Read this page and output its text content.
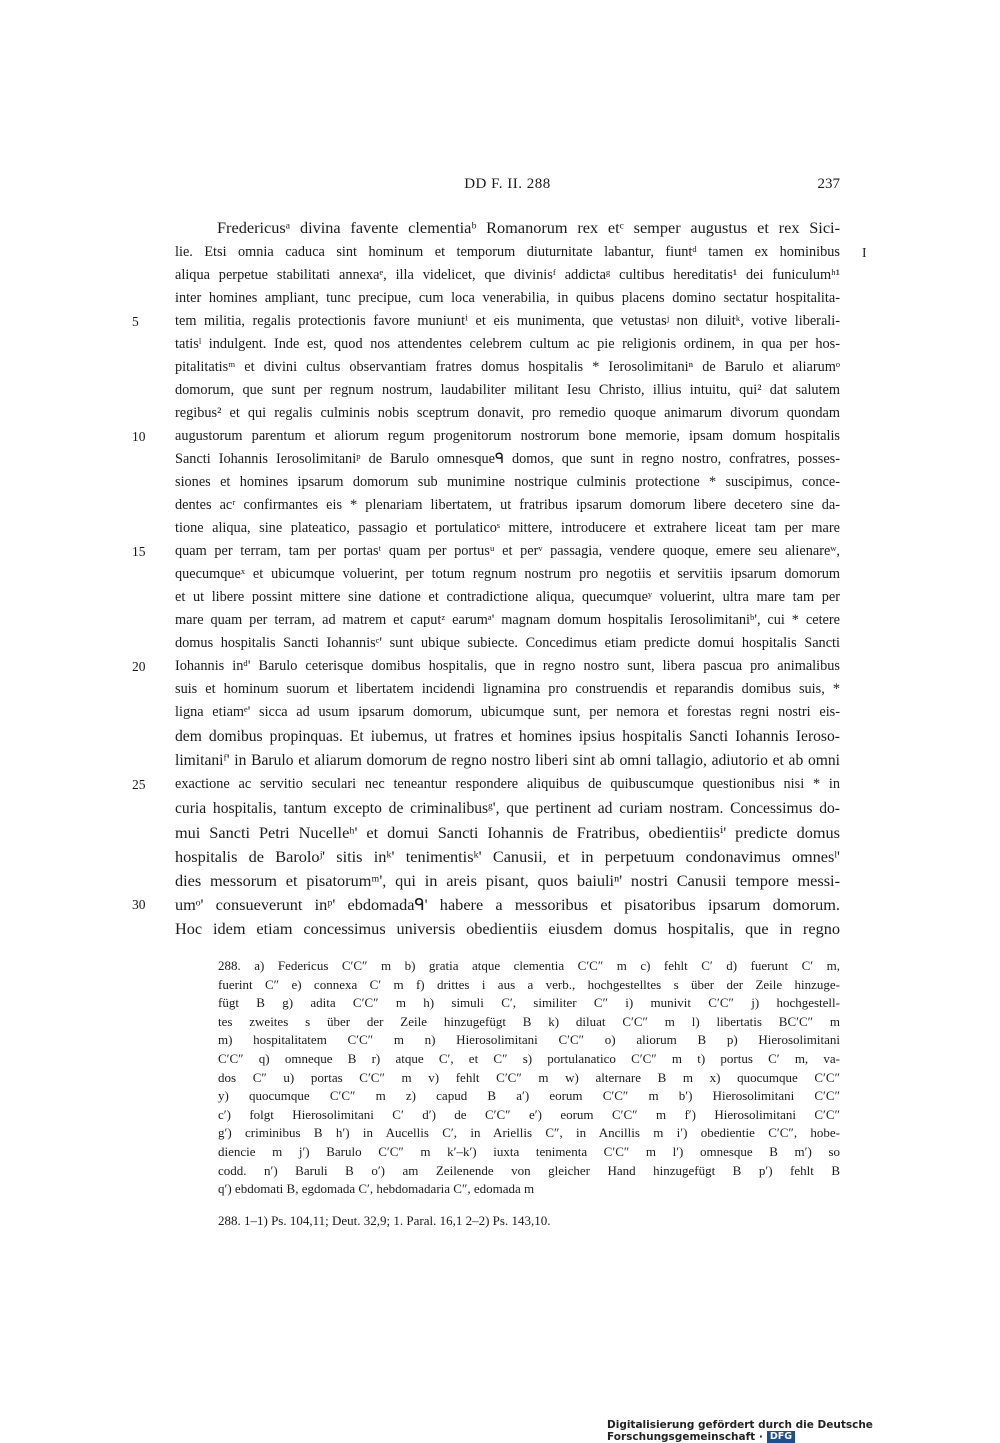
DD F. II. 288	237
Fredericusᵃ divina favente clementiaᵇ Romanorum rex etᶜ semper augustus et rex Sici-
lie. Etsi omnia caduca sint hominum et temporum diuturnitate labantur, fiuntᵈ tamen ex hominibus
aliqua perpetue stabilitati annexaᵉ, illa videlicet, que divinisᶠ addictaᵍ cultibus hereditatis¹ dei funiculumʰ¹
inter homines ampliant, tunc precipue, cum loca venerabilia, in quibus placens domino sectatur hospitalita-
tem militia, regalis protectionis favore muniuntⁱ et eis munimenta, que vetustasʲ non diluitᵏ, votive liberali-
tatisˡ indulgent. Inde est, quod nos attendentes celebrem cultum ac pie religionis ordinem, in qua per hos-
pitalitatisᵐ et divini cultus observantiam fratres domus hospitalis * Ierosolimitaniⁿ de Barulo et aliarumᵒ
domorum, que sunt per regnum nostrum, laudabiliter militant Iesu Christo, illius intuitu, qui² dat salutem
regibus² et qui regalis culminis nobis sceptrum donavit, pro remedio quoque animarum divorum quondam
augustorum parentum et aliorum regum progenitorum nostrorum bone memorie, ipsam domum hospitalis
Sancti Iohannis Ierosolimitaniᵖ de Barulo omnesqueᑫ domos, que sunt in regno nostro, confratres, posses-
siones et homines ipsarum domorum sub munimine nostrique culminis protectione * suscipimus, conce-
dentes acʳ confirmantes eis * plenariam libertatem, ut fratribus ipsarum domorum libere decetero sine da-
tione aliqua, sine plateatico, passagio et portulaticoˢ mittere, introducere et extrahere liceat tam per mare
quam per terram, tam per portasᵗ quam per portusᵘ et perᵛ passagia, vendere quoque, emere seu alienareʷ,
quecumqueˣ et ubicumque voluerint, per totum regnum nostrum pro negotiis et servitiis ipsarum domorum
et ut libere possint mittere sine datione et contradictione aliqua, quecumqueʸ voluerint, ultra mare tam per
mare quam per terram, ad matrem et caputᶻ earumᵃ' magnam domum hospitalis Ierosolimitaniᵇ', cui * cetere
domus hospitalis Sancti Iohannisᶜ' sunt ubique subiecte. Concedimus etiam predicte domui hospitalis Sancti
Iohannis inᵈ' Barulo ceterisque domibus hospitalis, que in regno nostro sunt, libera pascua pro animalibus
suis et hominum suorum et libertatem incidendi lignamina pro construendis et reparandis domibus suis, *
ligna etiamᵉ' sicca ad usum ipsarum domorum, ubicumque sunt, per nemora et forestas regni nostri eis-
dem domibus propinquas. Et iubemus, ut fratres et homines ipsius hospitalis Sancti Iohannis Ieroso-
limitaniᶠ' in Barulo et aliarum domorum de regno nostro liberi sint ab omni tallagio, adiutorio et ab omni
exactione ac servitio seculari nec teneantur respondere aliquibus de quibuscumque questionibus nisi * in
curia hospitalis, tantum excepto de criminalibusᵍ', que pertinent ad curiam nostram. Concessimus do-
mui Sancti Petri Nucelleʰ' et domui Sancti Iohannis de Fratribus, obedientiisⁱ' predicte domus
hospitalis de Baroloʲ' sitis inᵏ' tenimentisᵏ' Canusii, et in perpetuum condonavimus omnesˡ'
dies messorum et pisatorumᵐ', qui in areis pisant, quos baiuliⁿ' nostri Canusii tempore messi-
umᵒ' consueverunt inᵖ' ebdomadaᑫ' habere a messoribus et pisatoribus ipsarum domorum.
Hoc idem etiam concessimus universis obedientiis eiusdem domus hospitalis, que in regno
I
5
10
15
20
25
30
288. a) Federicus C′C″ m b) gratia atque clementia C′C″ m c) fehlt C′ d) fuerunt C′ m,
fuerint C″ e) connexa C′ m f) drittes i aus a verb., hochgestelltes s über der Zeile hinzuge-
fügt B g) adita C′C″ m h) simuli C′, similiter C″ i) munivit C′C″ j) hochgestell-
tes zweites s über der Zeile hinzugefügt B k) diluat C′C″ m l) libertatis BC′C″ m
m) hospitalitatem C′C″ m n) Hierosolimitani C′C″ o) aliorum B p) Hierosolimitani
C′C″ q) omneque B r) atque C′, et C″ s) portulanatico C′C″ m t) portus C′ m, va-
dos C″ u) portas C′C″ m v) fehlt C′C″ m w) alternare B m x) quocumque C′C″
y) quocumque C′C″ m z) capud B a′) eorum C′C″ m b′) Hierosolimitani C′C″
c′) folgt Hierosolimitani C′ d′) de C′C″ e′) eorum C′C″ m f′) Hierosolimitani C′C″
g′) criminibus B h′) in Aucellis C′, in Ariellis C″, in Ancillis m i′) obedientie C′C″, hobe-
diencie m j′) Barulo C′C″ m k′–k′) iuxta tenimenta C′C″ m l′) omnesque B m′) so
codd. n′) Baruli B o′) am Zeilenende von gleicher Hand hinzugefügt B p′) fehlt B
q′) ebdomati B, egdomada C′, hebdomadaria C″, edomada m
288. 1–1) Ps. 104,11; Deut. 32,9; 1. Paral. 16,1 2–2) Ps. 143,10.
Digitalisierung gefördert durch die Deutsche Forschungsgemeinschaft · DFG
